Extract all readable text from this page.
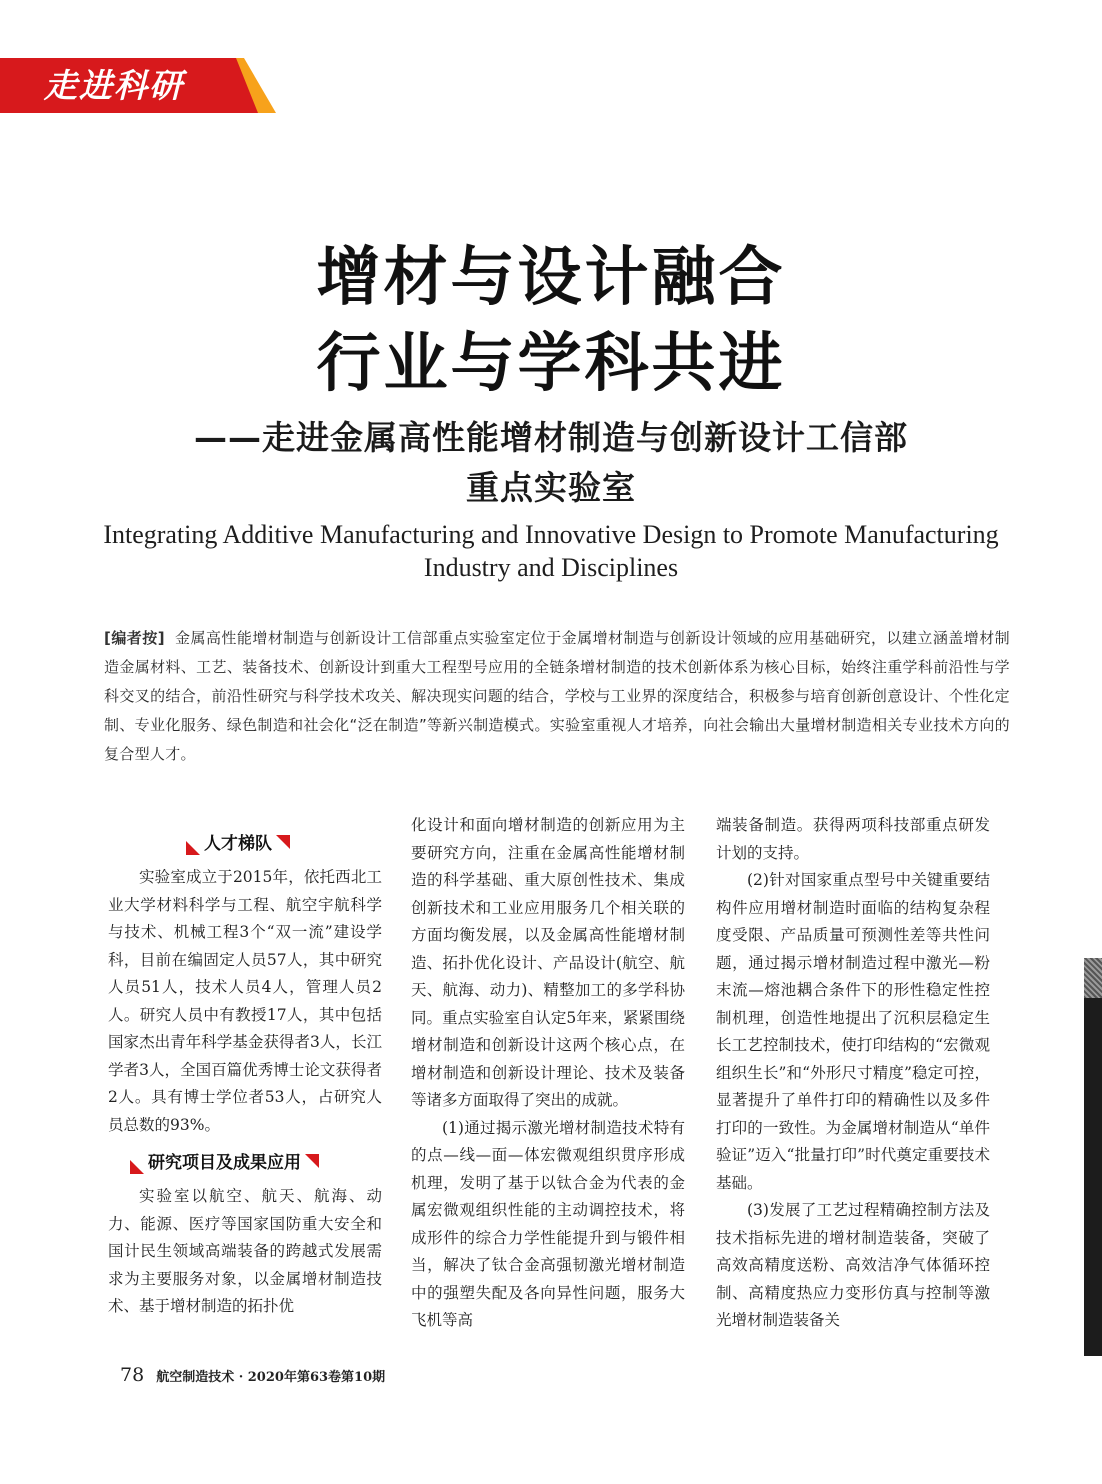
走进科研
增材与设计融合
行业与学科共进
——走进金属高性能增材制造与创新设计工信部
重点实验室
Integrating Additive Manufacturing and Innovative Design to Promote Manufacturing
Industry and Disciplines
[编者按] 金属高性能增材制造与创新设计工信部重点实验室定位于金属增材制造与创新设计领域的应用基础研究，以建立涵盖增材制造金属材料、工艺、装备技术、创新设计到重大工程型号应用的全链条增材制造的技术创新体系为核心目标，始终注重学科前沿性与学科交叉的结合，前沿性研究与科学技术攻关、解决现实问题的结合，学校与工业界的深度结合，积极参与培育创新创意设计、个性化定制、专业化服务、绿色制造和社会化“泛在制造”等新兴制造模式。实验室重视人才培养，向社会输出大量增材制造相关专业技术方向的复合型人才。
人才梯队

实验室成立于2015年，依托西北工业大学材料科学与工程、航空宇航科学与技术、机械工程3个“双一流”建设学科，目前在编固定人员57人，其中研究人员51人，技术人员4人，管理人员2人。研究人员中有教授17人，其中包括国家杰出青年科学基金获得者3人，长江学者3人，全国百篇优秀博士论文获得者2人。具有博士学位者53人，占研究人员总数的93%。

研究项目及成果应用

实验室以航空、航天、航海、动力、能源、医疗等国家国防重大安全和国计民生领域高端装备的跨越式发展需求为主要服务对象，以金属增材制造技术、基于增材制造的拓扑优

化设计和面向增材制造的创新应用为主要研究方向，注重在金属高性能增材制造的科学基础、重大原创性技术、集成创新技术和工业应用服务几个相关联的方面均衡发展，以及金属高性能增材制造、拓扑优化设计、产品设计(航空、航天、航海、动力)、精整加工的多学科协同。重点实验室自认定5年来，紧紧围绕增材制造和创新设计这两个核心点，在增材制造和创新设计理论、技术及装备等诸多方面取得了突出的成就。

(1)通过揭示激光增材制造技术特有的点—线—面—体宏微观组织贯序形成机理，发明了基于以钛合金为代表的金属宏微观组织性能的主动调控技术，将成形件的综合力学性能提升到与锻件相当，解决了钛合金高强韧激光增材制造中的强塑失配及各向异性问题，服务大飞机等高

端装备制造。获得两项科技部重点研发计划的支持。

(2)针对国家重点型号中关键重要结构件应用增材制造时面临的结构复杂程度受限、产品质量可预测性差等共性问题，通过揭示增材制造过程中激光—粉末流—熔池耦合条件下的形性稳定性控制机理，创造性地提出了沉积层稳定生长工艺控制技术，使打印结构的“宏微观组织生长”和“外形尺寸精度”稳定可控，显著提升了单件打印的精确性以及多件打印的一致性。为金属增材制造从“单件验证”迈入“批量打印”时代奠定重要技术基础。

(3)发展了工艺过程精确控制方法及技术指标先进的增材制造装备，突破了高效高精度送粉、高效洁净气体循环控制、高精度热应力变形仿真与控制等激光增材制造装备关

78 航空制造技术 · 2020年第63卷第10期
